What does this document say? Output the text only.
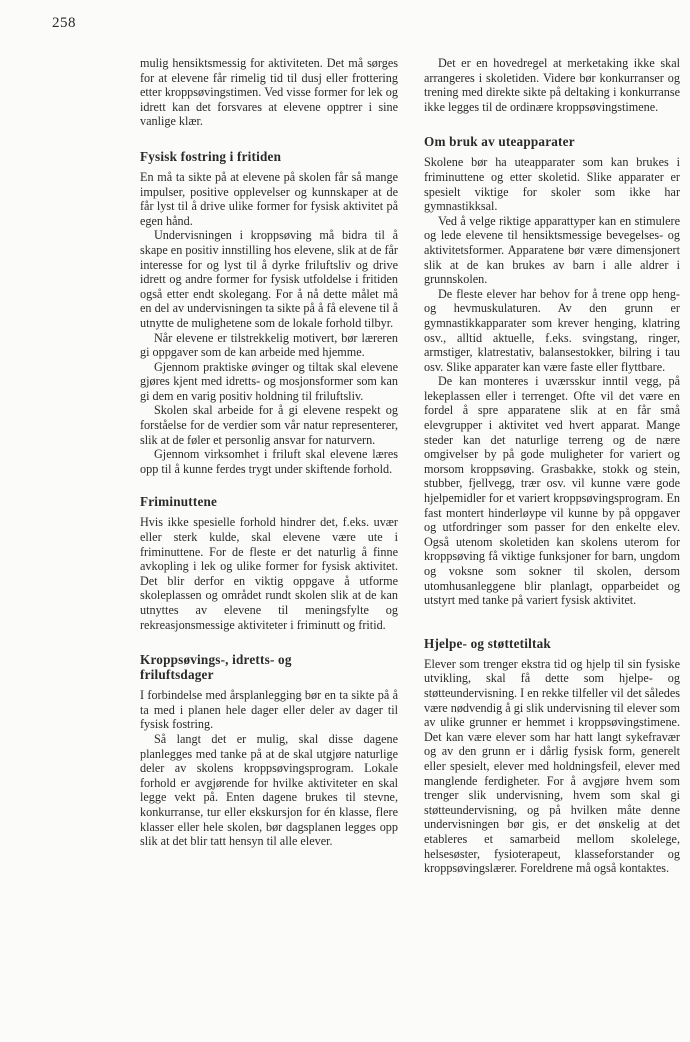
258

mulig hensiktsmessig for aktiviteten. Det må sørges for at elevene får rimelig tid til dusj eller frottering etter kroppsøvingstimen. Ved visse former for lek og idrett kan det forsvares at elevene opptrer i sine vanlige klær.

Fysisk fostring i fritiden

En må ta sikte på at elevene på skolen får så mange impulser, positive opplevelser og kunnskaper at de får lyst til å drive ulike former for fysisk aktivitet på egen hånd.

Undervisningen i kroppsøving må bidra til å skape en positiv innstilling hos elevene, slik at de får interesse for og lyst til å dyrke friluftsliv og drive idrett og andre former for fysisk utfoldelse i fritiden også etter endt skolegang. For å nå dette målet må en del av undervisningen ta sikte på å få elevene til å utnytte de mulighetene som de lokale forhold tilbyr.

Når elevene er tilstrekkelig motivert, bør læreren gi oppgaver som de kan arbeide med hjemme.

Gjennom praktiske øvinger og tiltak skal elevene gjøres kjent med idretts- og mosjonsformer som kan gi dem en varig positiv holdning til friluftsliv.

Skolen skal arbeide for å gi elevene respekt og forståelse for de verdier som vår natur representerer, slik at de føler et personlig ansvar for naturvern.

Gjennom virksomhet i friluft skal elevene læres opp til å kunne ferdes trygt under skiftende forhold.

Friminuttene

Hvis ikke spesielle forhold hindrer det, f.eks. uvær eller sterk kulde, skal elevene være ute i friminuttene. For de fleste er det naturlig å finne avkopling i lek og ulike former for fysisk aktivitet. Det blir derfor en viktig oppgave å utforme skoleplassen og området rundt skolen slik at de kan utnyttes av elevene til meningsfylte og rekreasjonsmessige aktiviteter i friminutt og fritid.

Kroppsøvings-, idretts- og
friluftsdager

I forbindelse med årsplanlegging bør en ta sikte på å ta med i planen hele dager eller deler av dager til fysisk fostring.

Så langt det er mulig, skal disse dagene planlegges med tanke på at de skal utgjøre naturlige deler av skolens kroppsøvingsprogram. Lokale forhold er avgjørende for hvilke aktiviteter en skal legge vekt på. Enten dagene brukes til stevne, konkurranse, tur eller ekskursjon for én klasse, flere klasser eller hele skolen, bør dagsplanen legges opp slik at det blir tatt hensyn til alle elever.

Det er en hovedregel at merketaking ikke skal arrangeres i skoletiden. Videre bør konkurranser og trening med direkte sikte på deltaking i konkurranse ikke legges til de ordinære kroppsøvingstimene.

Om bruk av uteapparater

Skolene bør ha uteapparater som kan brukes i friminuttene og etter skoletid. Slike apparater er spesielt viktige for skoler som ikke har gymnastikksal.

Ved å velge riktige apparattyper kan en stimulere og lede elevene til hensiktsmessige bevegelses- og aktivitetsformer. Apparatene bør være dimensjonert slik at de kan brukes av barn i alle aldrer i grunnskolen.

De fleste elever har behov for å trene opp heng- og hevmuskulaturen. Av den grunn er gymnastikkapparater som krever henging, klatring osv., alltid aktuelle, f.eks. svingstang, ringer, armstiger, klatrestativ, balansestokker, bilring i tau osv. Slike apparater kan være faste eller flyttbare.

De kan monteres i uværsskur inntil vegg, på lekeplassen eller i terrenget. Ofte vil det være en fordel å spre apparatene slik at en får små elevgrupper i aktivitet ved hvert apparat. Mange steder kan det naturlige terreng og de nære omgivelser by på gode muligheter for variert og morsom kroppsøving. Grasbakke, stokk og stein, stubber, fjellvegg, trær osv. vil kunne være gode hjelpemidler for et variert kroppsøvingsprogram. En fast montert hinderløype vil kunne by på oppgaver og utfordringer som passer for den enkelte elev. Også utenom skoletiden kan skolens uterom for kroppsøving få viktige funksjoner for barn, ungdom og voksne som sokner til skolen, dersom utomhusanleggene blir planlagt, opparbeidet og utstyrt med tanke på variert fysisk aktivitet.

Hjelpe- og støttetiltak

Elever som trenger ekstra tid og hjelp til sin fysiske utvikling, skal få dette som hjelpe- og støtteundervisning. I en rekke tilfeller vil det således være nødvendig å gi slik undervisning til elever som av ulike grunner er hemmet i kroppsøvingstimene. Det kan være elever som har hatt langt sykefravær og av den grunn er i dårlig fysisk form, generelt eller spesielt, elever med holdningsfeil, elever med manglende ferdigheter. For å avgjøre hvem som trenger slik undervisning, hvem som skal gi støtteundervisning, og på hvilken måte denne undervisningen bør gis, er det ønskelig at det etableres et samarbeid mellom skolelege, helsesøster, fysioterapeut, klasseforstander og kroppsøvingslærer. Foreldrene må også kontaktes.
